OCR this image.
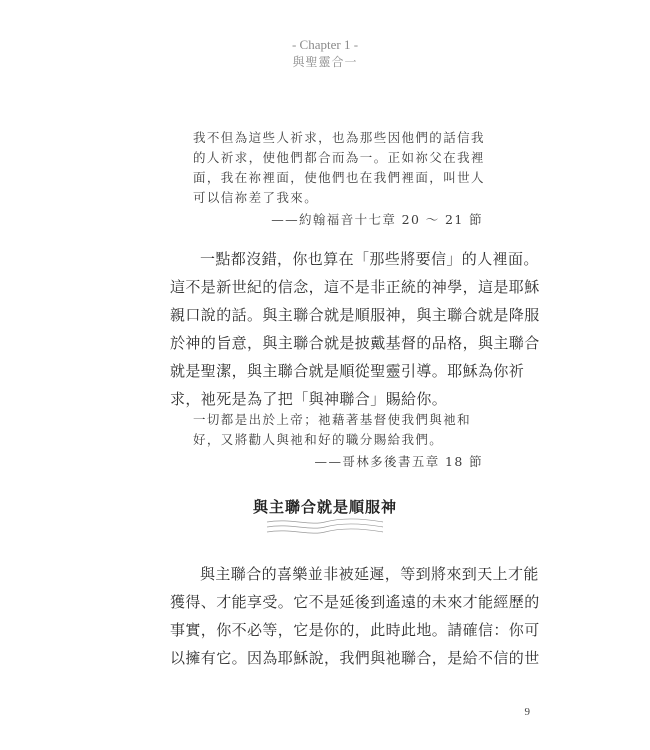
- Chapter 1 -
與聖靈合一
我不但為這些人祈求，也為那些因他們的話信我
的人祈求，使他們都合而為一。正如祢父在我裡
面，我在祢裡面，使他們也在我們裡面，叫世人
可以信祢差了我來。
——約翰福音十七章 20 ～ 21 節
一點都沒錯，你也算在「那些將要信」的人裡面。
這不是新世紀的信念，這不是非正統的神學，這是耶穌
親口說的話。與主聯合就是順服神，與主聯合就是降服
於神的旨意，與主聯合就是披戴基督的品格，與主聯合
就是聖潔，與主聯合就是順從聖靈引導。耶穌為你祈
求，祂死是為了把「與神聯合」賜給你。
一切都是出於上帝；祂藉著基督使我們與祂和
好，又將勸人與祂和好的職分賜給我們。
——哥林多後書五章 18 節
與主聯合就是順服神
與主聯合的喜樂並非被延遲，等到將來到天上才能
獲得、才能享受。它不是延後到遙遠的未來才能經歷的
事實，你不必等，它是你的，此時此地。請確信：你可
以擁有它。因為耶穌說，我們與祂聯合，是給不信的世
9
